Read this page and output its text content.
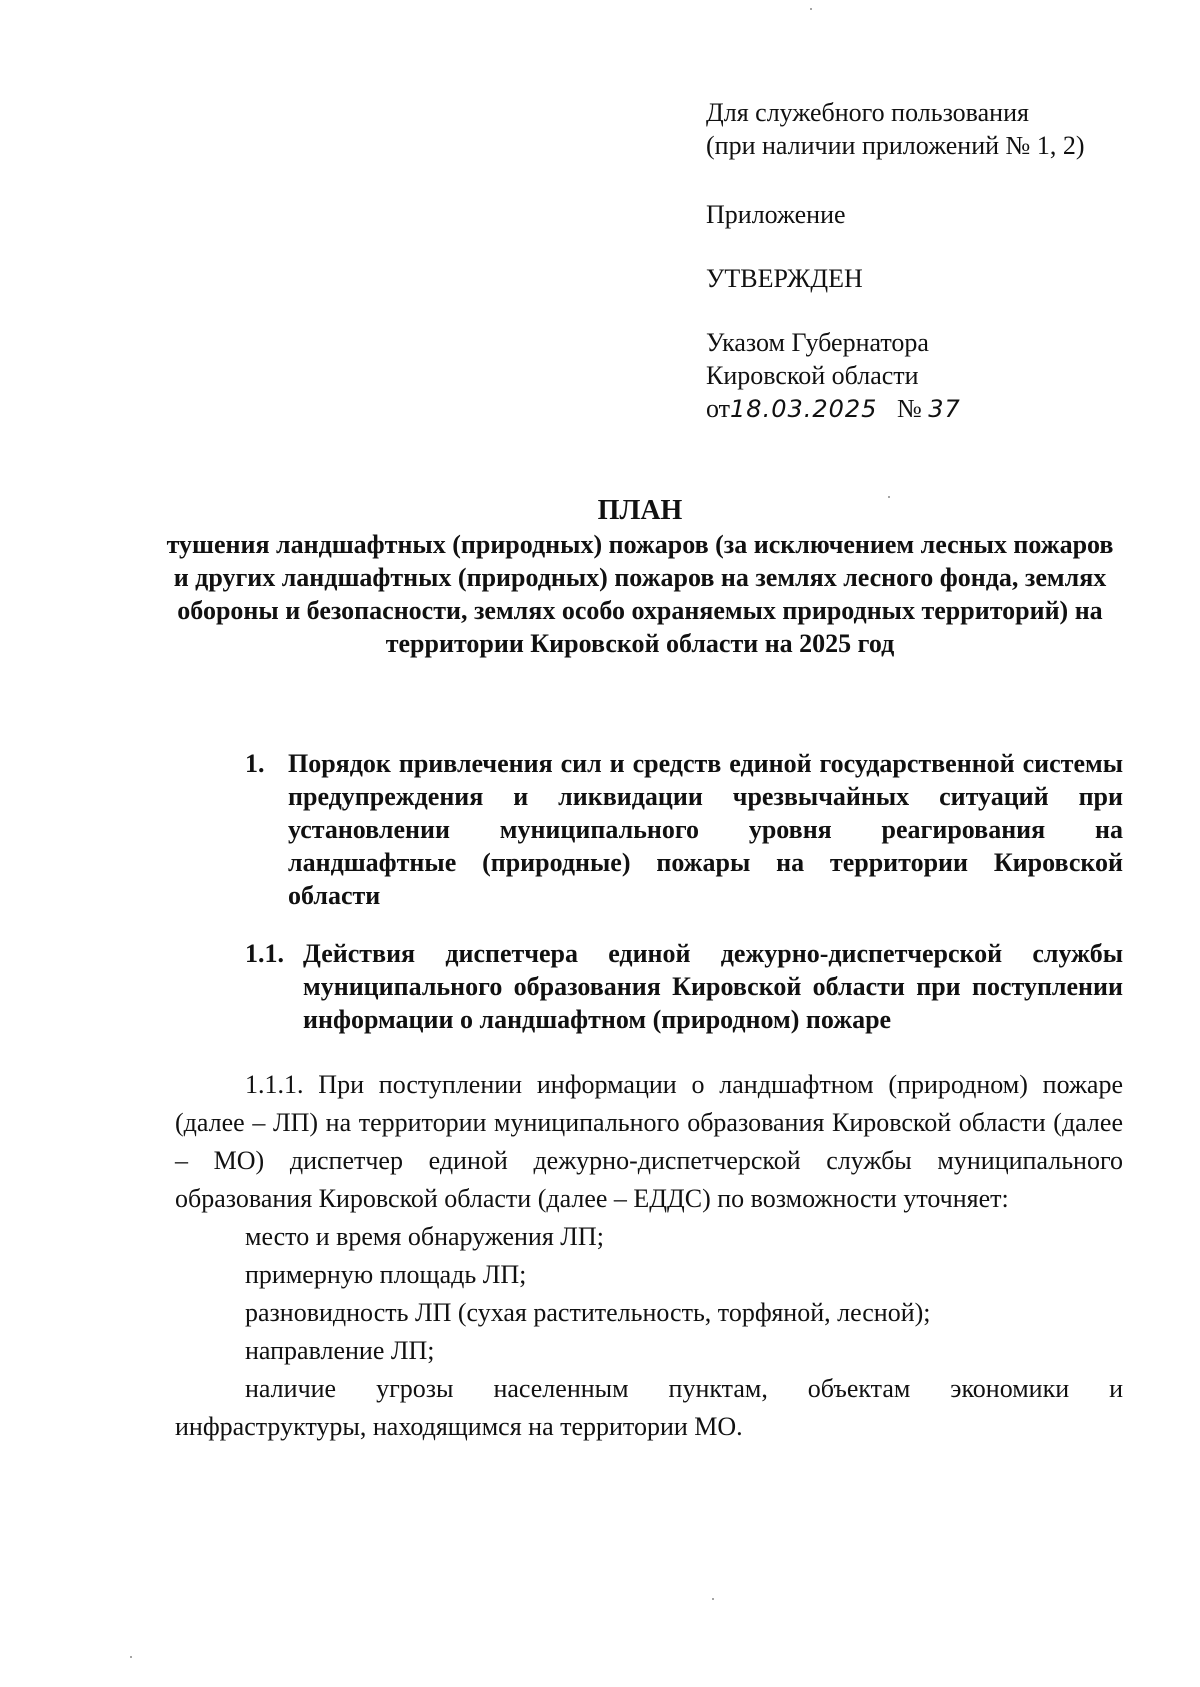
Для служебного пользования
(при наличии приложений № 1, 2)
Приложение
УТВЕРЖДЕН
Указом Губернатора
Кировской области
от18.03.2025 № 37
ПЛАН
тушения ландшафтных (природных) пожаров (за исключением лесных пожаров и других ландшафтных (природных) пожаров на землях лесного фонда, землях обороны и безопасности, землях особо охраняемых природных территорий) на территории Кировской области на 2025 год
1. Порядок привлечения сил и средств единой государственной системы предупреждения и ликвидации чрезвычайных ситуаций при установлении муниципального уровня реагирования на ландшафтные (природные) пожары на территории Кировской области
1.1. Действия диспетчера единой дежурно-диспетчерской службы муниципального образования Кировской области при поступлении информации о ландшафтном (природном) пожаре

1.1.1. При поступлении информации о ландшафтном (природном) пожаре (далее – ЛП) на территории муниципального образования Кировской области (далее – МО) диспетчер единой дежурно-диспетчерской службы муниципального образования Кировской области (далее – ЕДДС) по возможности уточняет:

место и время обнаружения ЛП;

примерную площадь ЛП;

разновидность ЛП (сухая растительность, торфяной, лесной);

направление ЛП;

наличие угрозы населенным пунктам, объектам экономики и

инфраструктуры, находящимся на территории МО.
